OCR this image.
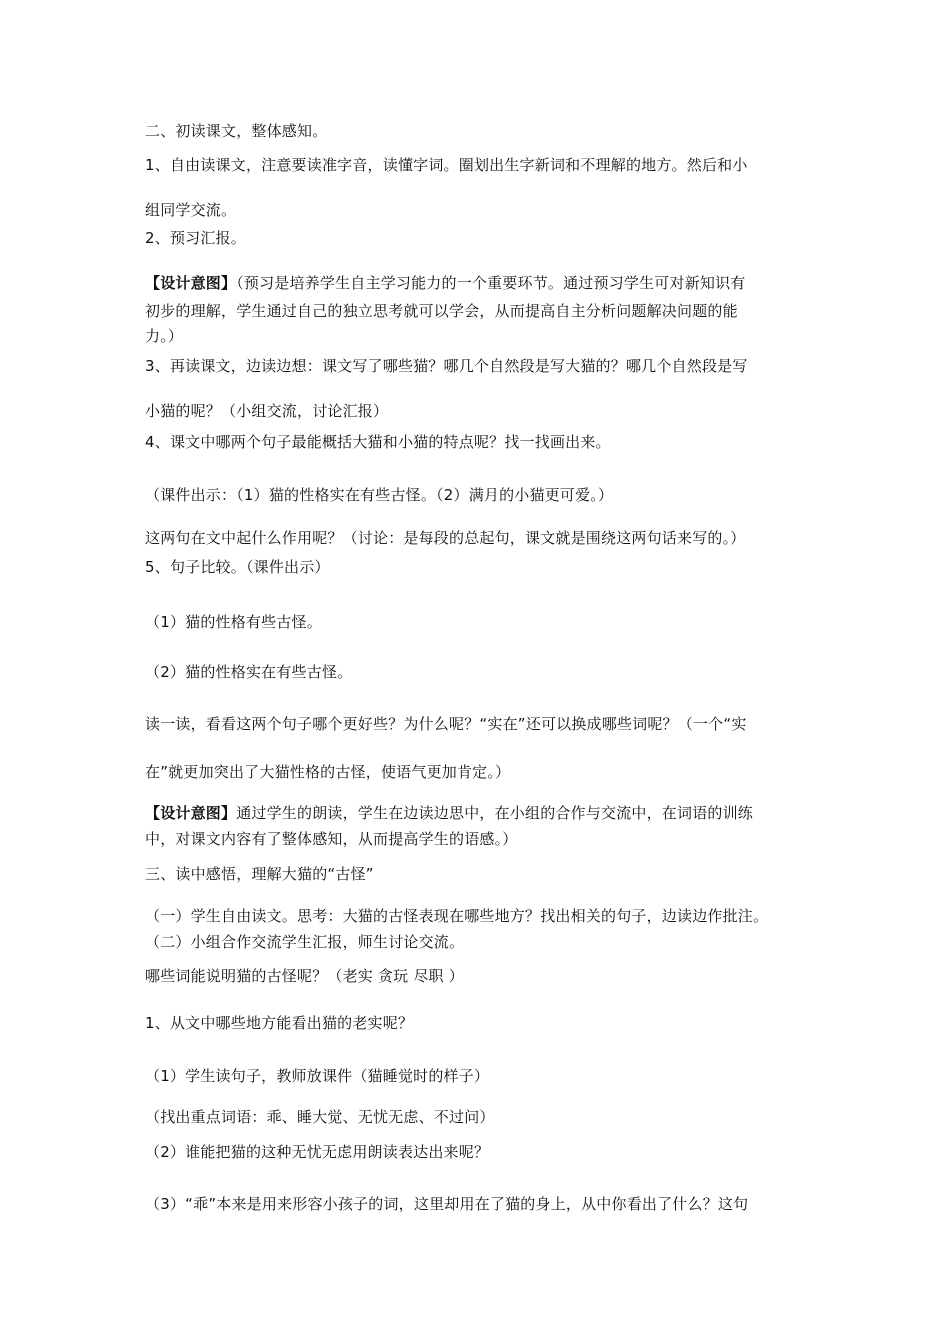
二、初读课文，整体感知。
1、自由读课文，注意要读准字音，读懂字词。圈划出生字新词和不理解的地方。然后和小
组同学交流。
2、预习汇报。
【设计意图】（预习是培养学生自主学习能力的一个重要环节。通过预习学生可对新知识有
初步的理解，学生通过自己的独立思考就可以学会，从而提高自主分析问题解决问题的能
力。）
3、再读课文，边读边想：课文写了哪些猫？哪几个自然段是写大猫的？哪几个自然段是写
小猫的呢？（小组交流，讨论汇报）
4、课文中哪两个句子最能概括大猫和小猫的特点呢？找一找画出来。
（课件出示：（1）猫的性格实在有些古怪。（2）满月的小猫更可爱。）
这两句在文中起什么作用呢？（讨论：是每段的总起句，课文就是围绕这两句话来写的。）
5、句子比较。（课件出示）
（1）猫的性格有些古怪。
（2）猫的性格实在有些古怪。
读一读，看看这两个句子哪个更好些？为什么呢？“实在”还可以换成哪些词呢？（一个“实
在”就更加突出了大猫性格的古怪，使语气更加肯定。）
【设计意图】通过学生的朗读，学生在边读边思中，在小组的合作与交流中，在词语的训练
中，对课文内容有了整体感知，从而提高学生的语感。）
三、读中感悟，理解大猫的“古怪”
（一）学生自由读文。思考：大猫的古怪表现在哪些地方？找出相关的句子，边读边作批注。
（二）小组合作交流学生汇报，师生讨论交流。
哪些词能说明猫的古怪呢？（老实 贪玩 尽职 ）
1、从文中哪些地方能看出猫的老实呢？
（1）学生读句子，教师放课件（猫睡觉时的样子）
（找出重点词语：乖、睡大觉、无忧无虑、不过问）
（2）谁能把猫的这种无忧无虑用朗读表达出来呢？
（3）“乖”本来是用来形容小孩子的词，这里却用在了猫的身上，从中你看出了什么？这句
